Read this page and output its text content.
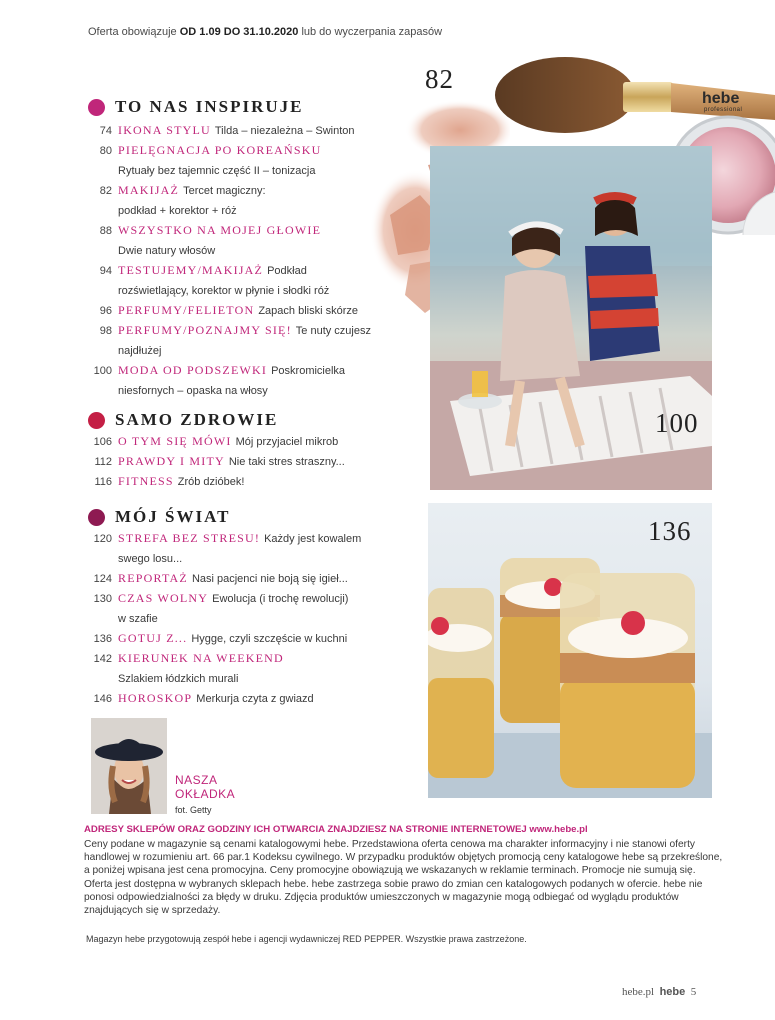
Oferta obowiązuje OD 1.09 DO 31.10.2020 lub do wyczerpania zapasów
hebe
professional
82
TO NAS INSPIRUJE
74 IKONA STYLU Tilda – niezależna – Swinton
80 PIELĘGNACJA PO KOREAŃSKU
Rytuały bez tajemnic część II – tonizacja
82 MAKIJAŻ Tercet magiczny:
podkład + korektor + róż
88 WSZYSTKO NA MOJEJ GŁOWIE
Dwie natury włosów
94 TESTUJEMY/MAKIJAŻ Podkład
rozświetlający, korektor w płynie i słodki róż
96 PERFUMY/FELIETON Zapach bliski skórze
98 PERFUMY/POZNAJMY SIĘ! Te nuty czujesz
najdłużej
100 MODA OD PODSZEWKI Poskromicielka
niesfornych – opaska na włosy
100
SAMO ZDROWIE
106 O TYM SIĘ MÓWI Mój przyjaciel mikrob
112 PRAWDY I MITY Nie taki stres straszny...
116 FITNESS Zrób dzióbek!
MÓJ ŚWIAT
120 STREFA BEZ STRESU! Każdy jest kowalem
swego losu...
124 REPORTAŻ Nasi pacjenci nie boją się igieł...
130 CZAS WOLNY Ewolucja (i trochę rewolucji)
w szafie
136 GOTUJ Z... Hygge, czyli szczęście w kuchni
142 KIERUNEK NA WEEKEND
Szlakiem łódzkich murali
146 HOROSKOP Merkurja czyta z gwiazd
136
NASZA
OKŁADKA
fot. Getty
ADRESY SKLEPÓW ORAZ GODZINY ICH OTWARCIA ZNAJDZIESZ NA STRONIE INTERNETOWEJ www.hebe.pl
Ceny podane w magazynie są cenami katalogowymi hebe. Przedstawiona oferta cenowa ma charakter informacyjny i nie stanowi oferty handlowej w rozumieniu art. 66 par.1 Kodeksu cywilnego. W przypadku produktów objętych promocją ceny katalogowe hebe są przekreślone, a poniżej wpisana jest cena promocyjna. Ceny promocyjne obowiązują we wskazanych w reklamie terminach. Promocje nie sumują się. Oferta jest dostępna w wybranych sklepach hebe. hebe zastrzega sobie prawo do zmian cen katalogowych podanych w ofercie. hebe nie ponosi odpowiedzialności za błędy w druku. Zdjęcia produktów umieszczonych w magazynie mogą odbiegać od wyglądu produktów znajdujących się w sprzedaży.
Magazyn hebe przygotowują zespół hebe i agencji wydawniczej RED PEPPER. Wszystkie prawa zastrzeżone.
hebe.pl hebe 5
